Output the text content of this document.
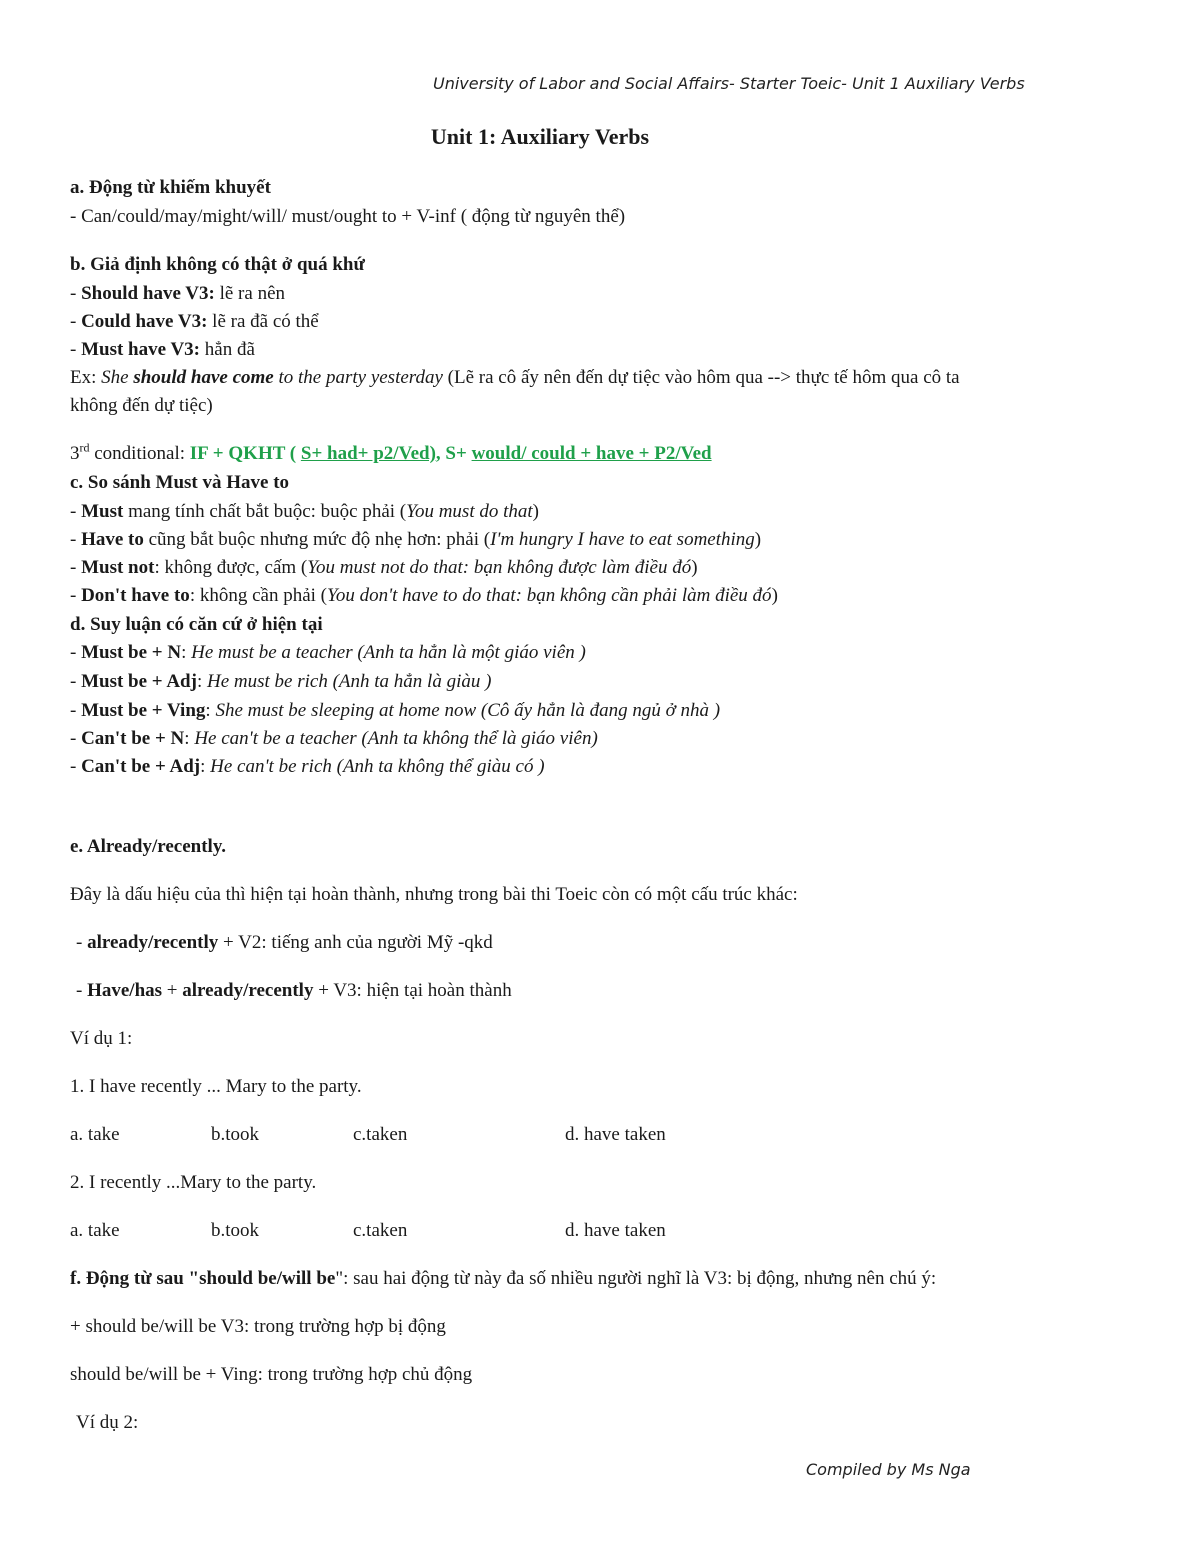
University of Labor and Social Affairs- Starter Toeic- Unit 1 Auxiliary Verbs
Unit 1: Auxiliary Verbs
a. Động từ khiếm khuyết
- Can/could/may/might/will/ must/ought to + V-inf ( động từ nguyên thể)
b. Giả định không có thật ở quá khứ
- Should have V3: lẽ ra nên
- Could have V3: lẽ ra đã có thể
- Must have V3: hẳn đã
Ex: She should have come to the party yesterday (Lẽ ra cô ấy nên đến dự tiệc vào hôm qua --> thực tế hôm qua cô ta
không đến dự tiệc)
3rd conditional: IF + QKHT ( S+ had+ p2/Ved), S+ would/ could + have + P2/Ved
c. So sánh Must và Have to
- Must mang tính chất bắt buộc: buộc phải (You must do that)
- Have to cũng bắt buộc nhưng mức độ nhẹ hơn: phải (I'm hungry I have to eat something)
- Must not: không được, cấm (You must not do that: bạn không được làm điều đó)
- Don't have to: không cần phải (You don't have to do that: bạn không cần phải làm điều đó)
d. Suy luận có căn cứ ở hiện tại
- Must be + N: He must be a teacher (Anh ta hẳn là một giáo viên )
- Must be + Adj: He must be rich (Anh ta hẳn là giàu )
- Must be + Ving: She must be sleeping at home now (Cô ấy hẳn là đang ngủ ở nhà )
- Can't be + N: He can't be a teacher (Anh ta không thể là giáo viên)
- Can't be + Adj: He can't be rich (Anh ta không thể giàu có )
e. Already/recently.
Đây là dấu hiệu của thì hiện tại hoàn thành, nhưng trong bài thi Toeic còn có một cấu trúc khác:
- already/recently + V2: tiếng anh của người Mỹ -qkd
- Have/has + already/recently + V3: hiện tại hoàn thành
Ví dụ 1:
1. I have recently ... Mary to the party.
a. take	b.took	c.taken	d. have taken
2. I recently ...Mary to the party.
a. take	b.took	c.taken	d. have taken
f. Động từ sau "should be/will be": sau hai động từ này đa số nhiều người nghĩ là V3: bị động, nhưng nên chú ý:
+ should be/will be V3: trong trường hợp bị động
should be/will be + Ving: trong trường hợp chủ động
Ví dụ 2:
Compiled by Ms Nga
